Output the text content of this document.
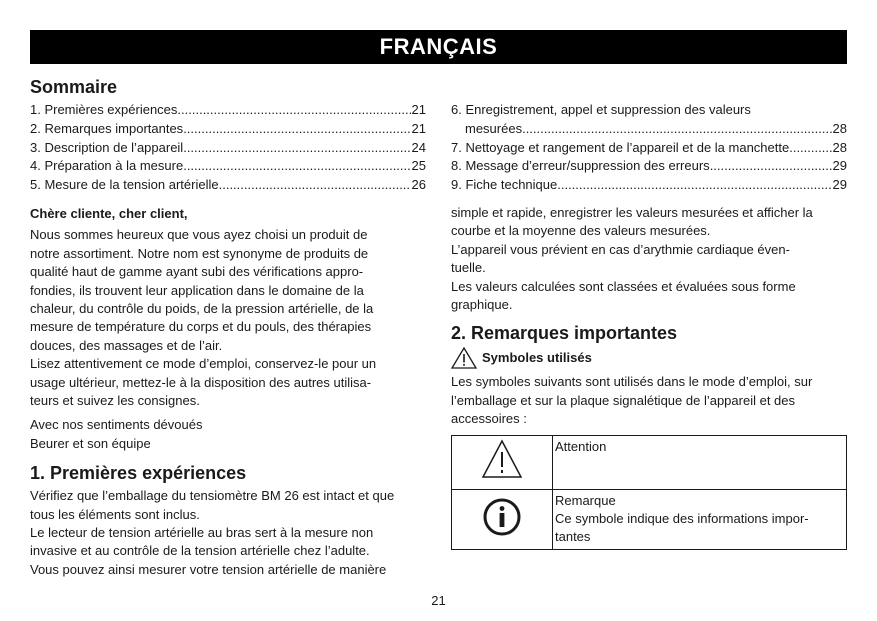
FRANÇAIS
Sommaire
1. Premières expériences .....	21
2. Remarques importantes .....	21
3. Description de l’appareil .....	24
4. Préparation à la mesure .....	25
5. Mesure de la tension artérielle .....	26
Chère cliente, cher client,
Nous sommes heureux que vous ayez choisi un produit de
notre assortiment. Notre nom est synonyme de produits de
qualité haut de gamme ayant subi des vérifications appro-
fondies, ils trouvent leur application dans le domaine de la
chaleur, du contrôle du poids, de la pression artérielle, de la
mesure de température du corps et du pouls, des thérapies
douces, des massages et de l’air.
Lisez attentivement ce mode d’emploi, conservez-le pour un
usage ultérieur, mettez-le à la disposition des autres utilisa-
teurs et suivez les consignes.
Avec nos sentiments dévoués
Beurer et son équipe
1. Premières expériences
Vérifiez que l’emballage du tensiomètre BM 26 est intact et que
tous les éléments sont inclus.
Le lecteur de tension artérielle au bras sert à la mesure non
invasive et au contrôle de la tension artérielle chez l’adulte.
Vous pouvez ainsi mesurer votre tension artérielle de manière
6. Enregistrement, appel et suppression des valeurs
mesurées .....	28
7. Nettoyage et rangement de l’appareil et de la manchette .....	28
8. Message d’erreur/suppression des erreurs .....	29
9. Fiche technique .....	29
simple et rapide, enregistrer les valeurs mesurées et afficher la
courbe et la moyenne des valeurs mesurées.
L’appareil vous prévient en cas d’arythmie cardiaque éven-
tuelle.
Les valeurs calculées sont classées et évaluées sous forme
graphique.
2. Remarques importantes
Symboles utilisés
Les symboles suivants sont utilisés dans le mode d’emploi, sur
l’emballage et sur la plaque signalétique de l’appareil et des
accessoires :

Attention

Remarque
Ce symbole indique des informations impor-
tantes
21
